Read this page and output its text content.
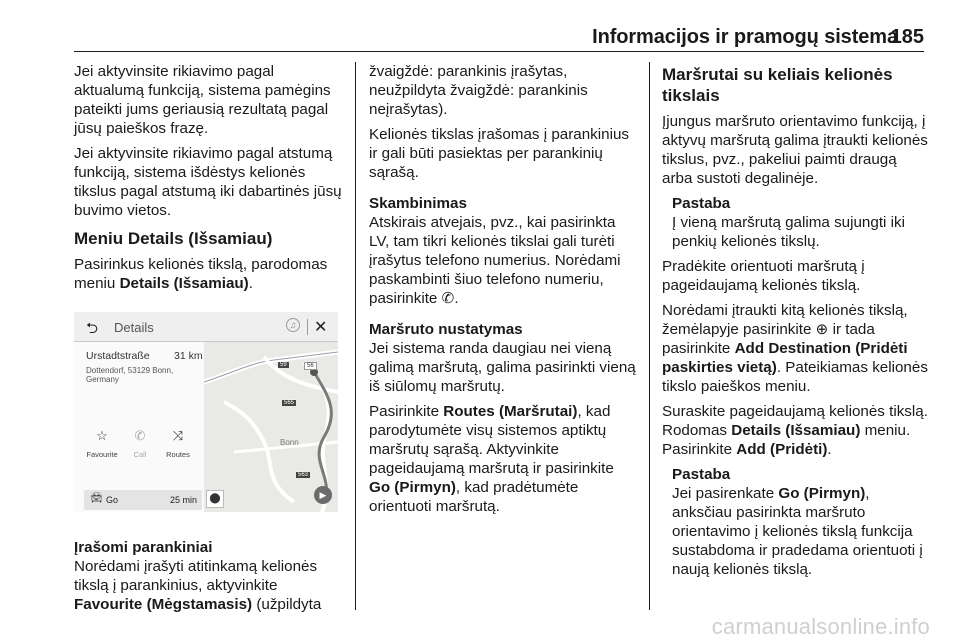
Informacijos ir pramogų sistema
185

Jei aktyvinsite rikiavimo pagal aktualumą funkciją, sistema pamėgins pateikti jums geriausią rezultatą pagal jūsų paieškos frazę.

Jei aktyvinsite rikiavimo pagal atstumą funkciją, sistema išdėstys kelionės tikslus pagal atstumą iki dabartinės jūsų buvimo vietos.

Meniu Details (Išsamiau)

Pasirinkus kelionės tikslą, parodomas meniu Details (Išsamiau).

Bonn
59	56
565
563
▶
⬤
⮌ Details	♫ ✕
Urstadtstraße 31 km
Dottendorf, 53129 Bonn, Germany
☆
Favourite
✆
Call
⤨
Routes
🚘︎ Go	25 min
Įrašomi parankiniai

Norėdami įrašyti atitinkamą kelionės tikslą į parankinius, aktyvinkite Favourite (Mėgstamasis) (užpildyta

žvaigždė: parankinis įrašytas, neužpildyta žvaigždė: parankinis neįrašytas).

Kelionės tikslas įrašomas į parankinius ir gali būti pasiektas per parankinių sąrašą.

Skambinimas

Atskirais atvejais, pvz., kai pasirinkta LV, tam tikri kelionės tikslai gali turėti įrašytus telefono numerius. Norėdami paskambinti šiuo telefono numeriu, pasirinkite ✆.

Maršruto nustatymas

Jei sistema randa daugiau nei vieną galimą maršrutą, galima pasirinkti vieną iš siūlomų maršrutų.

Pasirinkite Routes (Maršrutai), kad parodytumėte visų sistemos aptiktų maršrutų sąrašą. Aktyvinkite pageidaujamą maršrutą ir pasirinkite Go (Pirmyn), kad pradėtumėte orientuoti maršrutą.

Maršrutai su keliais kelionės tikslais

Įjungus maršruto orientavimo funkciją, į aktyvų maršrutą galima įtraukti kelionės tikslus, pvz., pakeliui paimti draugą arba sustoti degalinėje.

Pastaba
Į vieną maršrutą galima sujungti iki penkių kelionės tikslų.

Pradėkite orientuoti maršrutą į pageidaujamą kelionės tikslą.

Norėdami įtraukti kitą kelionės tikslą, žemėlapyje pasirinkite ⊕ ir tada pasirinkite Add Destination (Pridėti paskirties vietą). Pateikiamas kelionės tikslo paieškos meniu.

Suraskite pageidaujamą kelionės tikslą. Rodomas Details (Išsamiau) meniu. Pasirinkite Add (Pridėti).

Pastaba
Jei pasirenkate Go (Pirmyn), anksčiau pasirinkta maršruto orientavimo į kelionės tikslą funkcija sustabdoma ir pradedama orientuoti į naują kelionės tikslą.
carmanualsonline.info
